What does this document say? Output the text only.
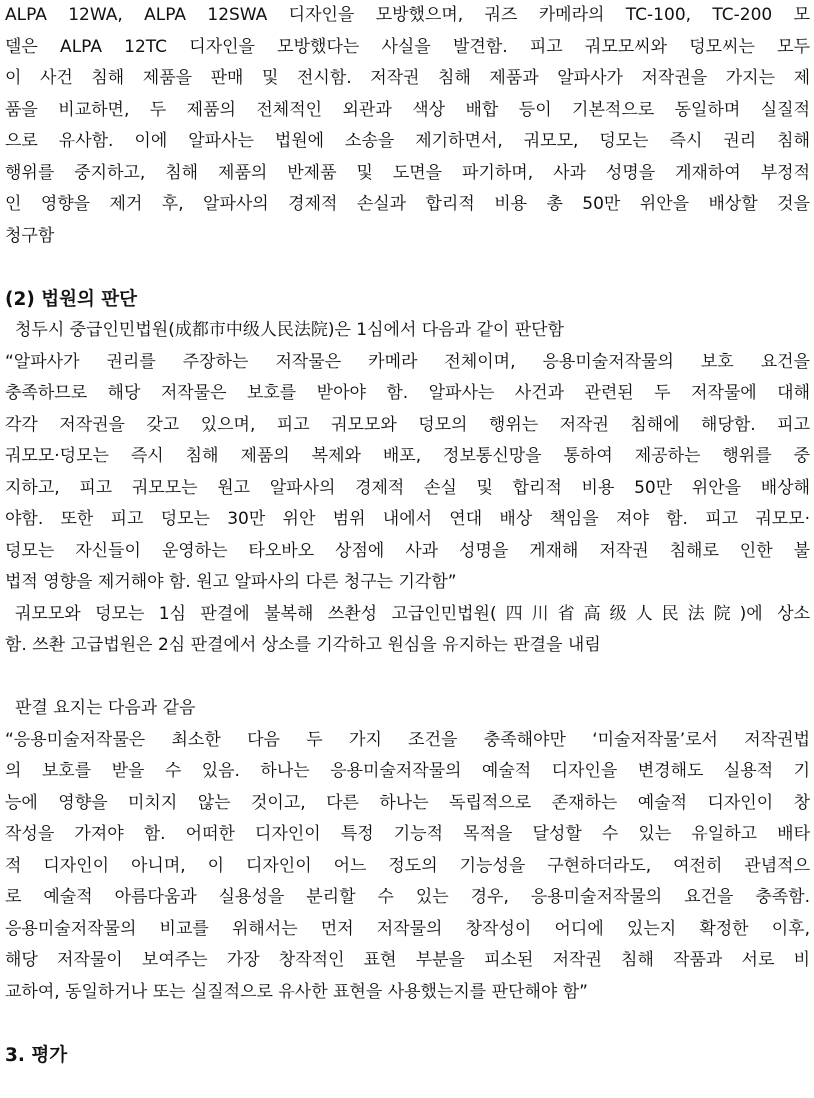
ALPA 12WA, ALPA 12SWA 디자인을 모방했으며, 궈즈 카메라의 TC-100, TC-200 모
델은 ALPA 12TC 디자인을 모방했다는 사실을 발견함. 피고 궈모모씨와 덩모씨는 모두
이 사건 침해 제품을 판매 및 전시함. 저작권 침해 제품과 알파사가 저작권을 가지는 제
품을 비교하면, 두 제품의 전체적인 외관과 색상 배합 등이 기본적으로 동일하며 실질적
으로 유사함. 이에 알파사는 법원에 소송을 제기하면서, 궈모모, 덩모는 즉시 권리 침해
행위를 중지하고, 침해 제품의 반제품 및 도면을 파기하며, 사과 성명을 게재하여 부정적
인 영향을 제거 후, 알파사의 경제적 손실과 합리적 비용 총 50만 위안을 배상할 것을
청구함
(2) 법원의 판단
청두시 중급인민법원(成都市中级人民法院)은 1심에서 다음과 같이 판단함
“알파사가 권리를 주장하는 저작물은 카메라 전체이며, 응용미술저작물의 보호 요건을
충족하므로 해당 저작물은 보호를 받아야 함. 알파사는 사건과 관련된 두 저작물에 대해
각각 저작권을 갖고 있으며, 피고 궈모모와 덩모의 행위는 저작권 침해에 해당함. 피고
궈모모·덩모는 즉시 침해 제품의 복제와 배포, 정보통신망을 통하여 제공하는 행위를 중
지하고, 피고 궈모모는 원고 알파사의 경제적 손실 및 합리적 비용 50만 위안을 배상해
야함. 또한 피고 덩모는 30만 위안 범위 내에서 연대 배상 책임을 져야 함. 피고 궈모모·
덩모는 자신들이 운영하는 타오바오 상점에 사과 성명을 게재해 저작권 침해로 인한 불
법적 영향을 제거해야 함. 원고 알파사의 다른 청구는 기각함”
궈모모와 덩모는 1심 판결에 불복해 쓰촨성 고급인민법원(四川省高级人民法院)에 상소
함. 쓰촨 고급법원은 2심 판결에서 상소를 기각하고 원심을 유지하는 판결을 내림
판결 요지는 다음과 같음
“응용미술저작물은 최소한 다음 두 가지 조건을 충족해야만 ‘미술저작물’로서 저작권법
의 보호를 받을 수 있음. 하나는 응용미술저작물의 예술적 디자인을 변경해도 실용적 기
능에 영향을 미치지 않는 것이고, 다른 하나는 독립적으로 존재하는 예술적 디자인이 창
작성을 가져야 함. 어떠한 디자인이 특정 기능적 목적을 달성할 수 있는 유일하고 배타
적 디자인이 아니며, 이 디자인이 어느 정도의 기능성을 구현하더라도, 여전히 관념적으
로 예술적 아름다움과 실용성을 분리할 수 있는 경우, 응용미술저작물의 요건을 충족함.
응용미술저작물의 비교를 위해서는 먼저 저작물의 창작성이 어디에 있는지 확정한 이후,
해당 저작물이 보여주는 가장 창작적인 표현 부분을 피소된 저작권 침해 작품과 서로 비
교하여, 동일하거나 또는 실질적으로 유사한 표현을 사용했는지를 판단해야 함”
3. 평가
